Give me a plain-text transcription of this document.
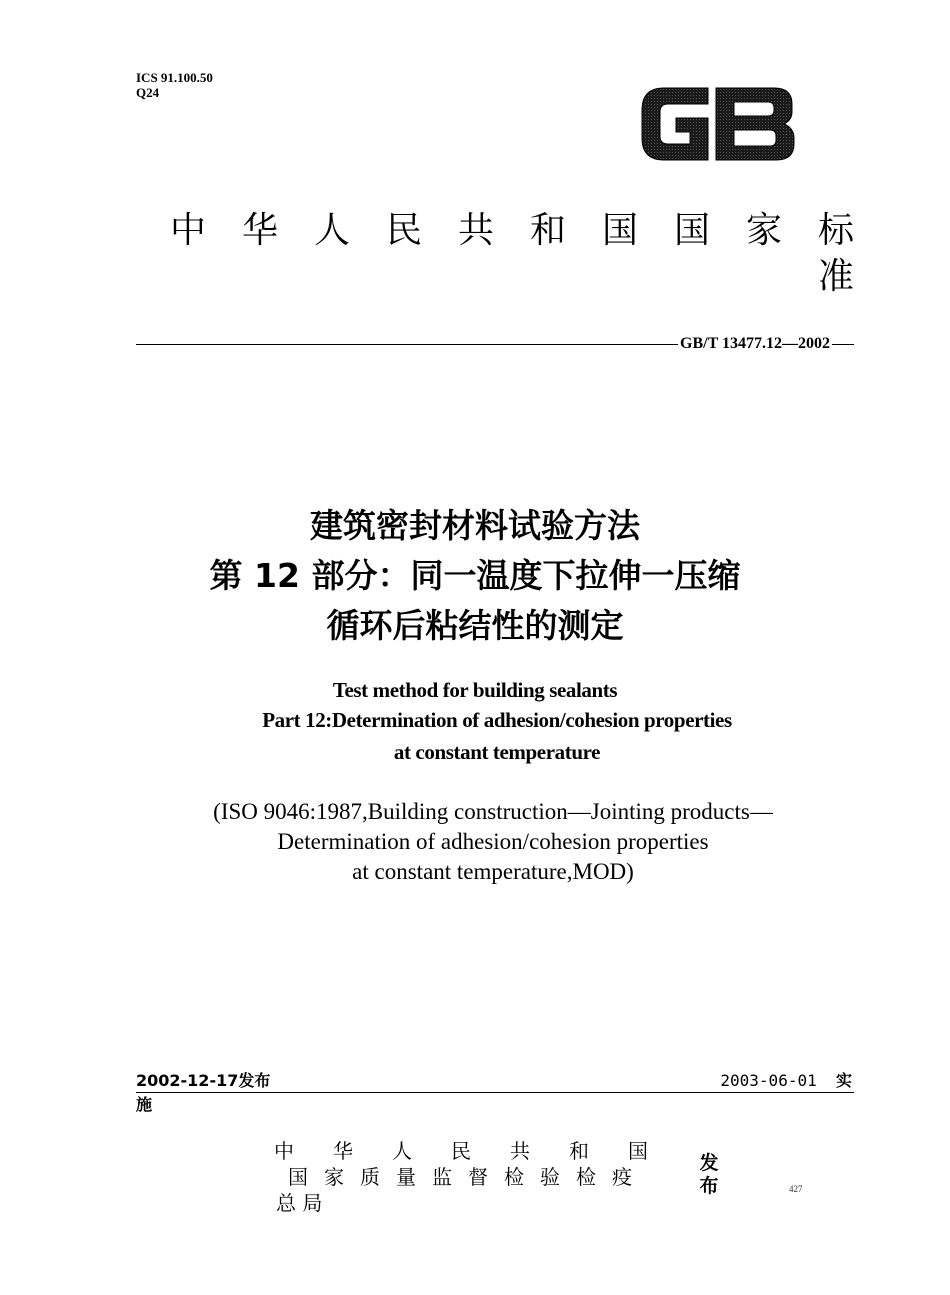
ICS 91.100.50
Q24
中 华 人 民 共 和 国 国 家 标
准
GB/T 13477.12—2002
建筑密封材料试验方法
第 12 部分：同一温度下拉伸一压缩
循环后粘结性的测定
Test method for building sealants
Part 12:Determination of adhesion/cohesion properties
at constant temperature
(ISO 9046:1987,Building construction—Jointing products—
Determination of adhesion/cohesion properties
at constant temperature,MOD)
2002-12-17发布	2003-06-01 实
施
中 华 人 民 共 和 国
国 家 质 量 监 督 检 验 检 疫
总 局
发
布	427
